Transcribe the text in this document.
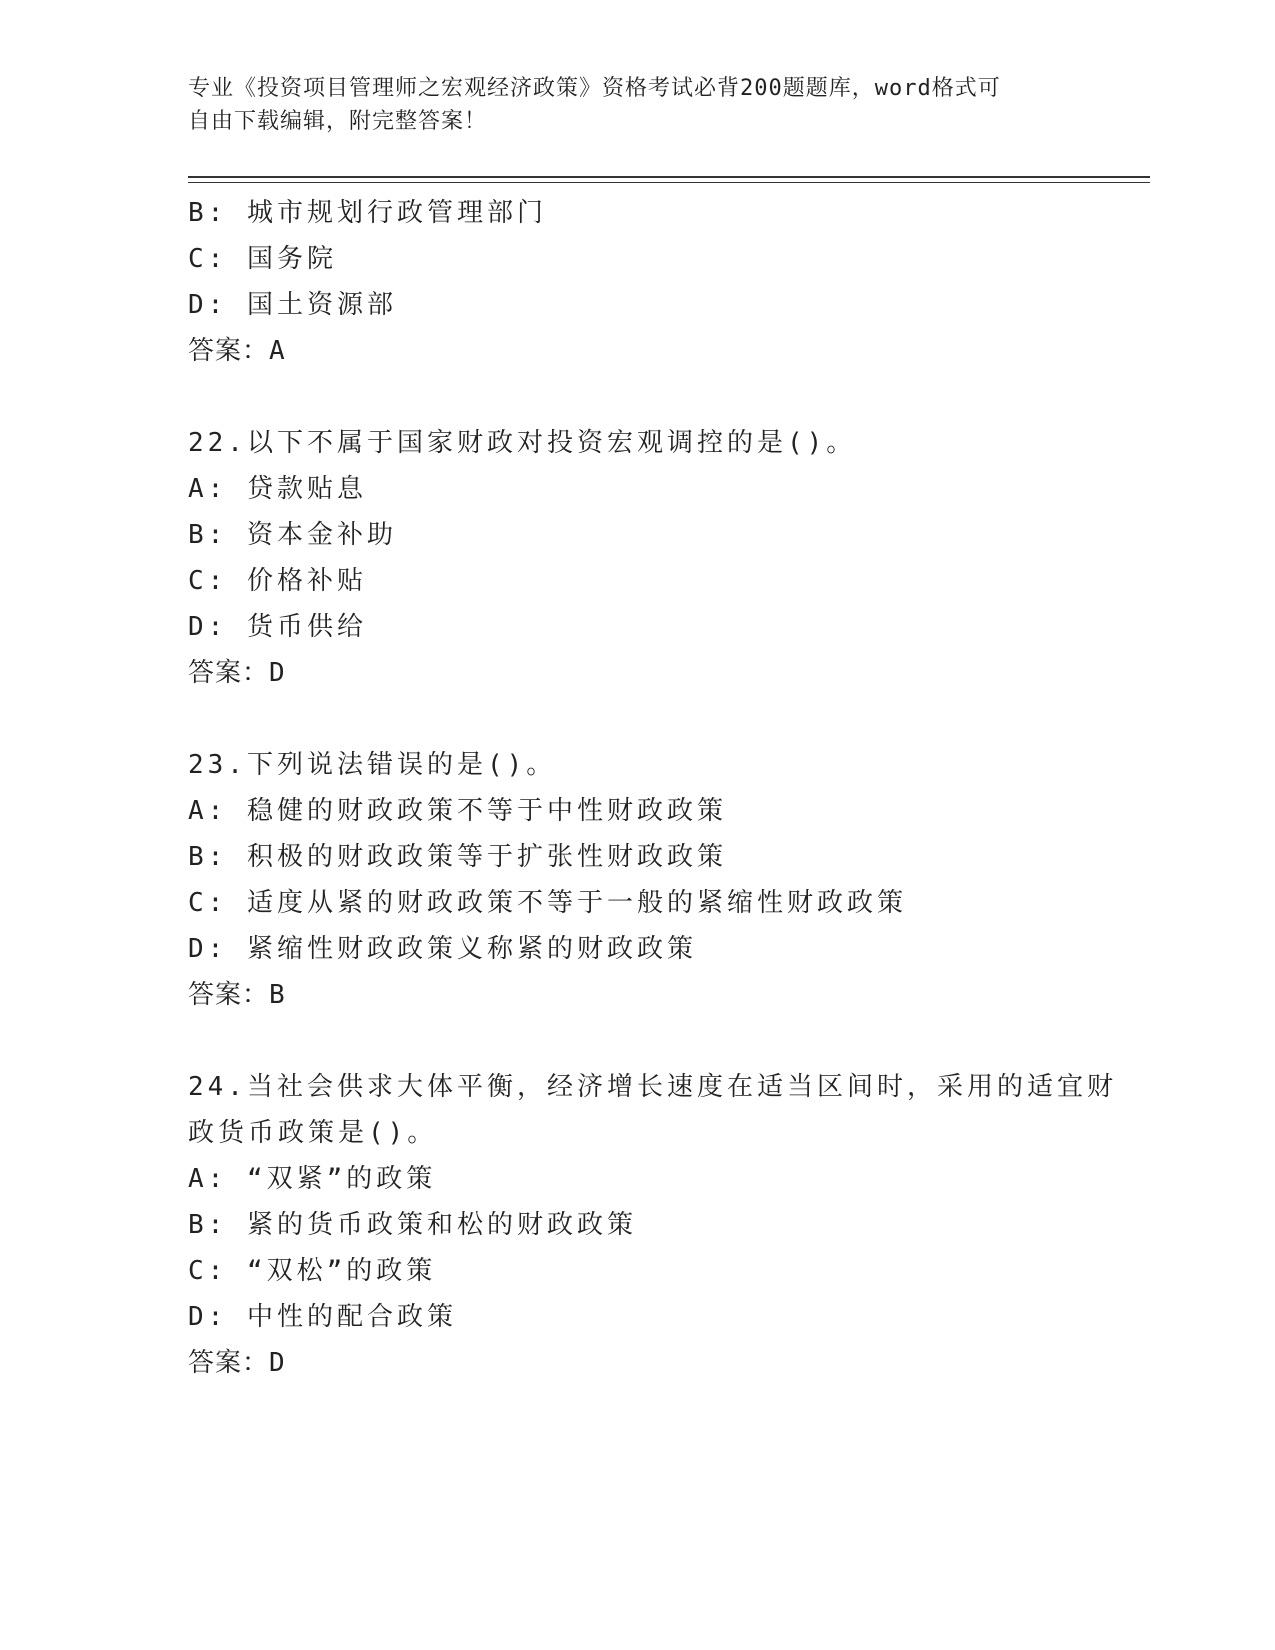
专业《投资项目管理师之宏观经济政策》资格考试必背200题题库，word格式可
自由下载编辑，附完整答案！
B: 城市规划行政管理部门
C: 国务院
D: 国土资源部
答案：A
22.以下不属于国家财政对投资宏观调控的是()。
A: 贷款贴息
B: 资本金补助
C: 价格补贴
D: 货币供给
答案：D
23.下列说法错误的是()。
A: 稳健的财政政策不等于中性财政政策
B: 积极的财政政策等于扩张性财政政策
C: 适度从紧的财政政策不等于一般的紧缩性财政政策
D: 紧缩性财政政策义称紧的财政政策
答案：B
24.当社会供求大体平衡，经济增长速度在适当区间时，采用的适宜财
政货币政策是()。
A: “双紧”的政策
B: 紧的货币政策和松的财政政策
C: “双松”的政策
D: 中性的配合政策
答案：D
